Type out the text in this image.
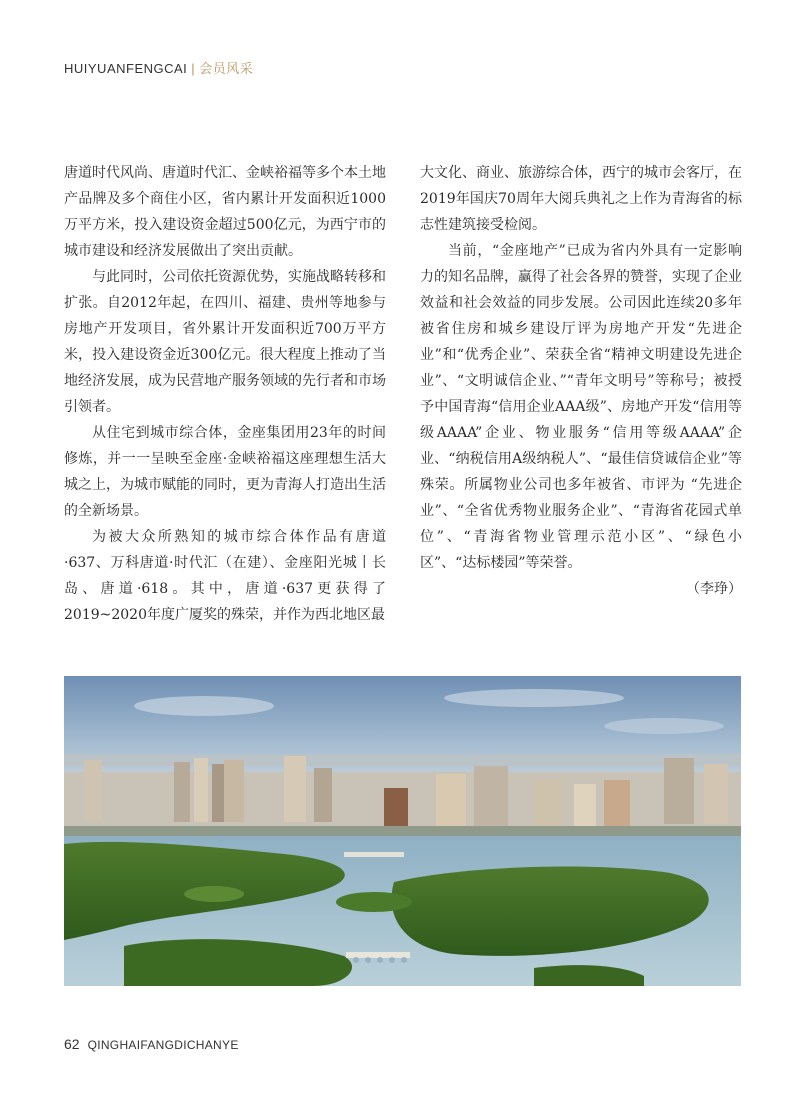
HUIYUANFENGCAI | 会员风采

唐道时代风尚、唐道时代汇、金峡裕福等多个本土地产品牌及多个商住小区，省内累计开发面积近1000万平方米，投入建设资金超过500亿元，为西宁市的城市建设和经济发展做出了突出贡献。

与此同时，公司依托资源优势，实施战略转移和扩张。自2012年起，在四川、福建、贵州等地参与房地产开发项目，省外累计开发面积近700万平方米，投入建设资金近300亿元。很大程度上推动了当地经济发展，成为民营地产服务领域的先行者和市场引领者。

从住宅到城市综合体，金座集团用23年的时间修炼，并一一呈映至金座·金峡裕福这座理想生活大城之上，为城市赋能的同时，更为青海人打造出生活的全新场景。

为被大众所熟知的城市综合体作品有唐道·637、万科唐道·时代汇（在建）、金座阳光城丨长岛、唐道·618。其中，唐道·637更获得了2019~2020年度广厦奖的殊荣，并作为西北地区最

大文化、商业、旅游综合体，西宁的城市会客厅，在2019年国庆70周年大阅兵典礼之上作为青海省的标志性建筑接受检阅。

当前，“金座地产”已成为省内外具有一定影响力的知名品牌，赢得了社会各界的赞誉，实现了企业效益和社会效益的同步发展。公司因此连续20多年被省住房和城乡建设厅评为房地产开发“先进企业”和“优秀企业”、荣获全省“精神文明建设先进企业”、“文明诚信企业、”“青年文明号”等称号；被授予中国青海“信用企业AAA级”、房地产开发“信用等级AAAA”企业、物业服务“信用等级AAAA”企业、“纳税信用A级纳税人”、“最佳信贷诚信企业”等殊荣。所属物业公司也多年被省、市评为 “先进企业”、“全省优秀物业服务企业”、“青海省花园式单位”、“青海省物业管理示范小区”、“绿色小区”、“达标楼园”等荣誉。

（李琤）

62 QINGHAIFANGDICHANYE
